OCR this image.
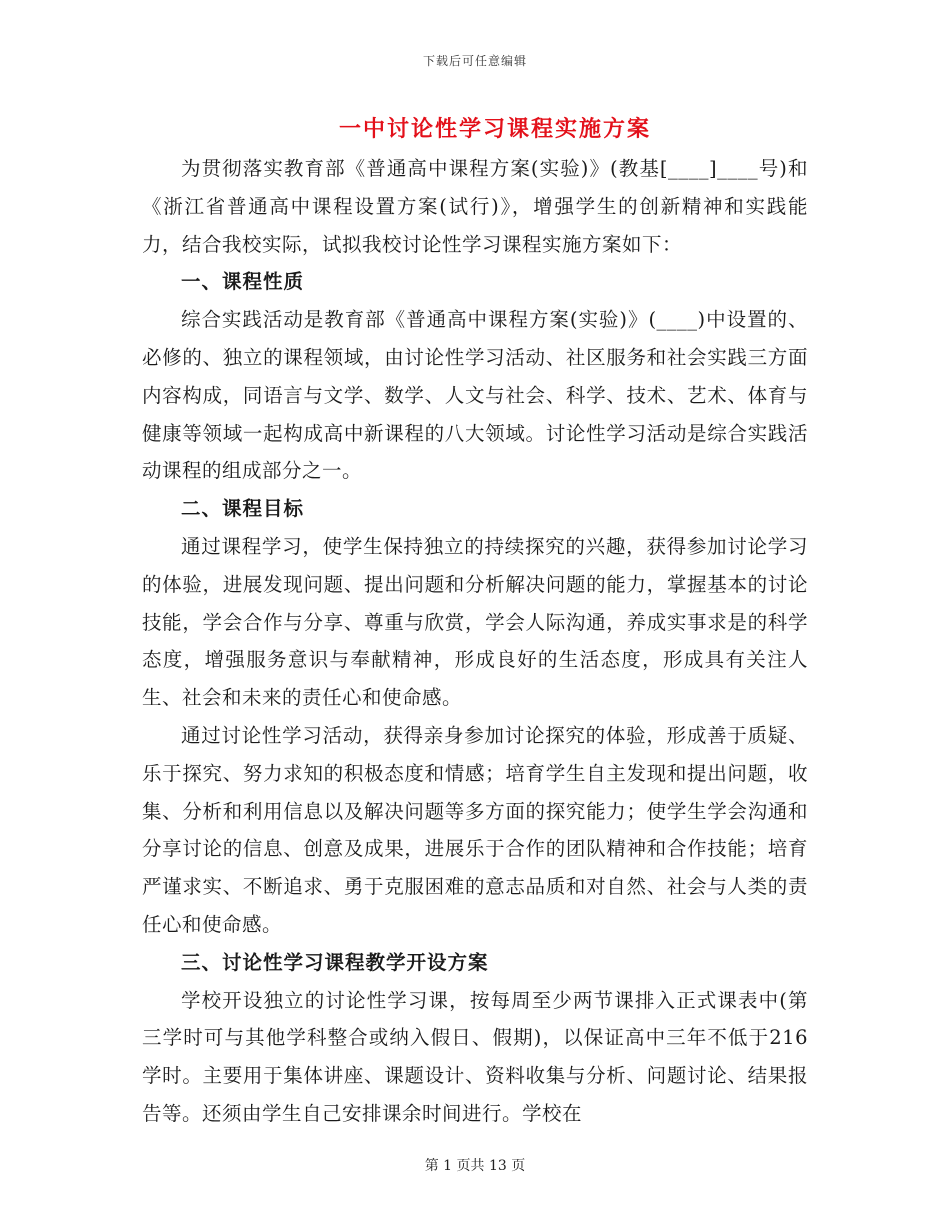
下载后可任意编辑
一中讨论性学习课程实施方案

为贯彻落实教育部《普通高中课程方案(实验)》(教基[____]____号)和《浙江省普通高中课程设置方案(试行)》，增强学生的创新精神和实践能力，结合我校实际，试拟我校讨论性学习课程实施方案如下：

一、课程性质

综合实践活动是教育部《普通高中课程方案(实验)》(____)中设置的、必修的、独立的课程领域，由讨论性学习活动、社区服务和社会实践三方面内容构成，同语言与文学、数学、人文与社会、科学、技术、艺术、体育与健康等领域一起构成高中新课程的八大领域。讨论性学习活动是综合实践活动课程的组成部分之一。

二、课程目标

通过课程学习，使学生保持独立的持续探究的兴趣，获得参加讨论学习的体验，进展发现问题、提出问题和分析解决问题的能力，掌握基本的讨论技能，学会合作与分享、尊重与欣赏，学会人际沟通，养成实事求是的科学态度，增强服务意识与奉献精神，形成良好的生活态度，形成具有关注人生、社会和未来的责任心和使命感。

通过讨论性学习活动，获得亲身参加讨论探究的体验，形成善于质疑、乐于探究、努力求知的积极态度和情感；培育学生自主发现和提出问题，收集、分析和利用信息以及解决问题等多方面的探究能力；使学生学会沟通和分享讨论的信息、创意及成果，进展乐于合作的团队精神和合作技能；培育严谨求实、不断追求、勇于克服困难的意志品质和对自然、社会与人类的责任心和使命感。

三、讨论性学习课程教学开设方案

学校开设独立的讨论性学习课，按每周至少两节课排入正式课表中(第三学时可与其他学科整合或纳入假日、假期)，以保证高中三年不低于216学时。主要用于集体讲座、课题设计、资料收集与分析、问题讨论、结果报告等。还须由学生自己安排课余时间进行。学校在

第 1 页共 13 页
